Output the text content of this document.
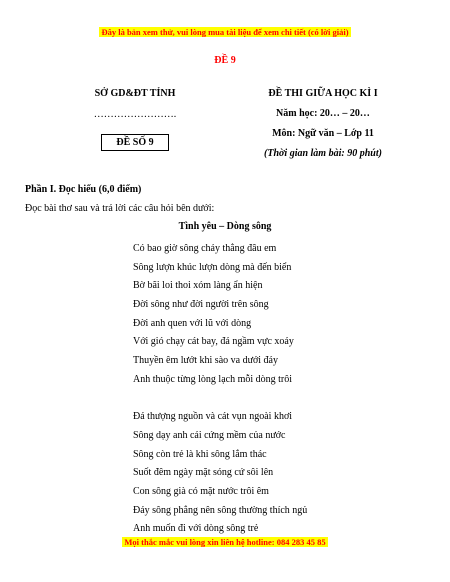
Đây là bản xem thử, vui lòng mua tài liệu để xem chi tiết (có lời giải)
ĐỀ 9
SỞ GD&ĐT TỈNH
…………………….
ĐỀ SỐ 9
ĐỀ THI GIỮA HỌC KÌ I
Năm học: 20… – 20…
Môn: Ngữ văn – Lớp 11
(Thời gian làm bài: 90 phút)
Phần I. Đọc hiểu (6,0 điểm)
Đọc bài thơ sau và trả lời các câu hỏi bên dưới:
Tình yêu – Dòng sông
Có bao giờ sông chảy thẳng đâu em
Sông lượn khúc lượn dòng mà đến biển
Bờ bãi loi thoi xóm làng ẩn hiện
Đời sông như đời người trên sông
Đời anh quen với lũ với dòng
Với gió chạy cát bay, đá ngầm vực xoáy
Thuyền êm lướt khi sào va dưới đáy
Anh thuộc từng lòng lạch mỗi dòng trôi
Đá thượng nguồn và cát vụn ngoài khơi
Sông dạy anh cái cứng mềm của nước
Sông còn trẻ là khi sông lắm thác
Suốt đêm ngày mặt sóng cứ sôi lên
Con sông già có mặt nước trôi êm
Đáy sông phẳng nên sông thường thích ngủ
Anh muốn đi với dòng sông trẻ
Mọi thắc mắc vui lòng xin liên hệ hotline: 084 283 45 85
